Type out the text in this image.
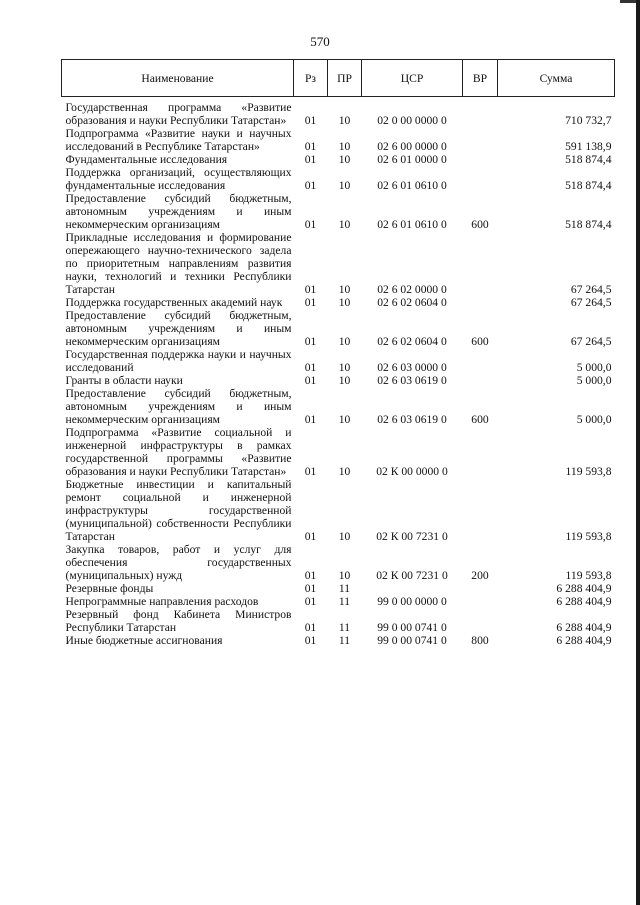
570
Наименование	Рз	ПР	ЦСР	ВР	Сумма

Государственная программа «Развитие образования и науки Республики Татарстан»	01	10	02 0 00 0000 0		710 732,7
Подпрограмма «Развитие науки и научных исследований в Республике Татарстан»	01	10	02 6 00 0000 0		591 138,9
Фундаментальные исследования	01	10	02 6 01 0000 0		518 874,4
Поддержка организаций, осуществляющих фундаментальные исследования	01	10	02 6 01 0610 0		518 874,4
Предоставление субсидий бюджетным, автономным учреждениям и иным некоммерческим организациям	01	10	02 6 01 0610 0	600	518 874,4
Прикладные исследования и формирование опережающего научно-технического задела по приоритетным направлениям развития науки, технологий и техники Республики Татарстан	01	10	02 6 02 0000 0		67 264,5
Поддержка государственных академий наук	01	10	02 6 02 0604 0		67 264,5
Предоставление субсидий бюджетным, автономным учреждениям и иным некоммерческим организациям	01	10	02 6 02 0604 0	600	67 264,5
Государственная поддержка науки и научных исследований	01	10	02 6 03 0000 0		5 000,0
Гранты в области науки	01	10	02 6 03 0619 0		5 000,0
Предоставление субсидий бюджетным, автономным учреждениям и иным некоммерческим организациям	01	10	02 6 03 0619 0	600	5 000,0
Подпрограмма «Развитие социальной и инженерной инфраструктуры в рамках государственной программы «Развитие образования и науки Республики Татарстан»	01	10	02 К 00 0000 0		119 593,8
Бюджетные инвестиции и капитальный ремонт социальной и инженерной инфраструктуры государственной (муниципальной) собственности Республики Татарстан	01	10	02 К 00 7231 0		119 593,8
Закупка товаров, работ и услуг для обеспечения государственных (муниципальных) нужд	01	10	02 К 00 7231 0	200	119 593,8
Резервные фонды	01	11			6 288 404,9
Непрограммные направления расходов	01	11	99 0 00 0000 0		6 288 404,9
Резервный фонд Кабинета Министров Республики Татарстан	01	11	99 0 00 0741 0		6 288 404,9
Иные бюджетные ассигнования	01	11	99 0 00 0741 0	800	6 288 404,9
